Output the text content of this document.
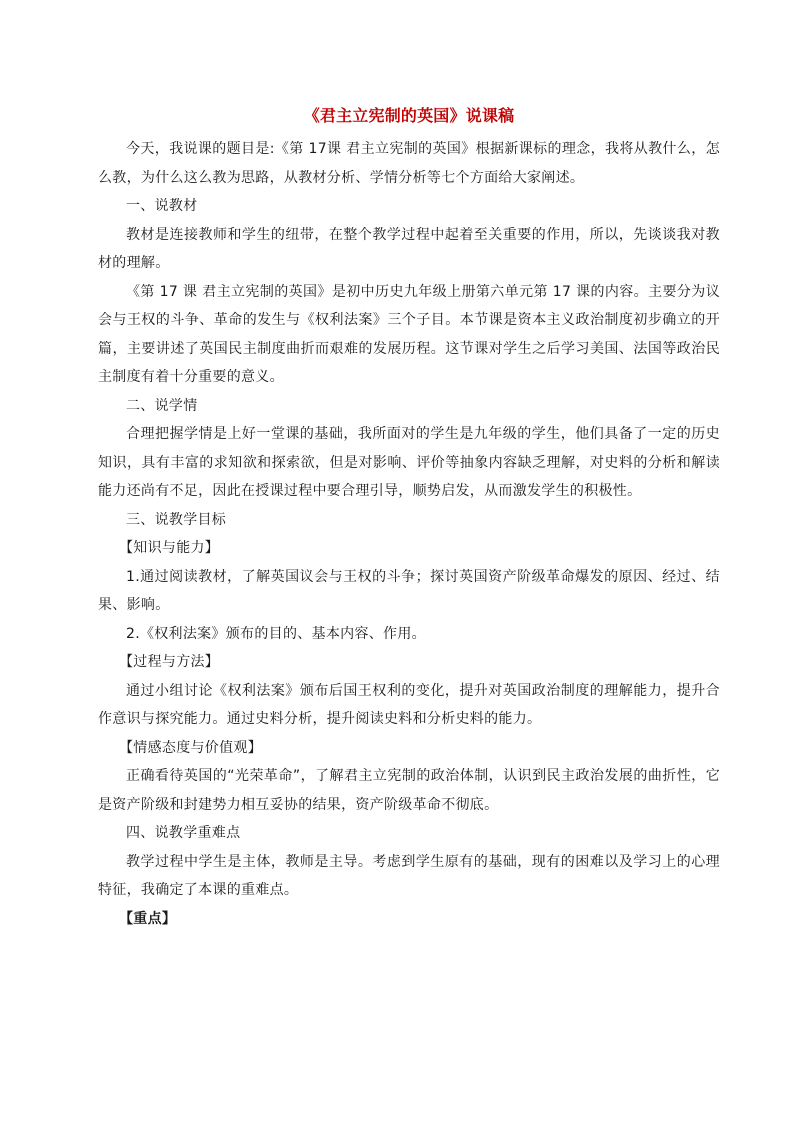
《君主立宪制的英国》说课稿

今天，我说课的题目是:《第 17课 君主立宪制的英国》根据新课标的理念，我将从教什么，怎么教，为什么这么教为思路，从教材分析、学情分析等七个方面给大家阐述。

一、说教材

教材是连接教师和学生的纽带，在整个教学过程中起着至关重要的作用，所以，先谈谈我对教材的理解。

《第 17 课 君主立宪制的英国》是初中历史九年级上册第六单元第 17 课的内容。主要分为议会与王权的斗争、革命的发生与《权利法案》三个子目。本节课是资本主义政治制度初步确立的开篇，主要讲述了英国民主制度曲折而艰难的发展历程。这节课对学生之后学习美国、法国等政治民主制度有着十分重要的意义。

二、说学情

合理把握学情是上好一堂课的基础，我所面对的学生是九年级的学生，他们具备了一定的历史知识，具有丰富的求知欲和探索欲，但是对影响、评价等抽象内容缺乏理解，对史料的分析和解读能力还尚有不足，因此在授课过程中要合理引导，顺势启发，从而激发学生的积极性。

三、说教学目标

【知识与能力】

1.通过阅读教材，了解英国议会与王权的斗争；探讨英国资产阶级革命爆发的原因、经过、结果、影响。

2.《权利法案》颁布的目的、基本内容、作用。

【过程与方法】

通过小组讨论《权利法案》颁布后国王权利的变化，提升对英国政治制度的理解能力，提升合作意识与探究能力。通过史料分析，提升阅读史料和分析史料的能力。

【情感态度与价值观】

正确看待英国的“光荣革命”，了解君主立宪制的政治体制，认识到民主政治发展的曲折性，它是资产阶级和封建势力相互妥协的结果，资产阶级革命不彻底。

四、说教学重难点

教学过程中学生是主体，教师是主导。考虑到学生原有的基础，现有的困难以及学习上的心理特征，我确定了本课的重难点。

【重点】
